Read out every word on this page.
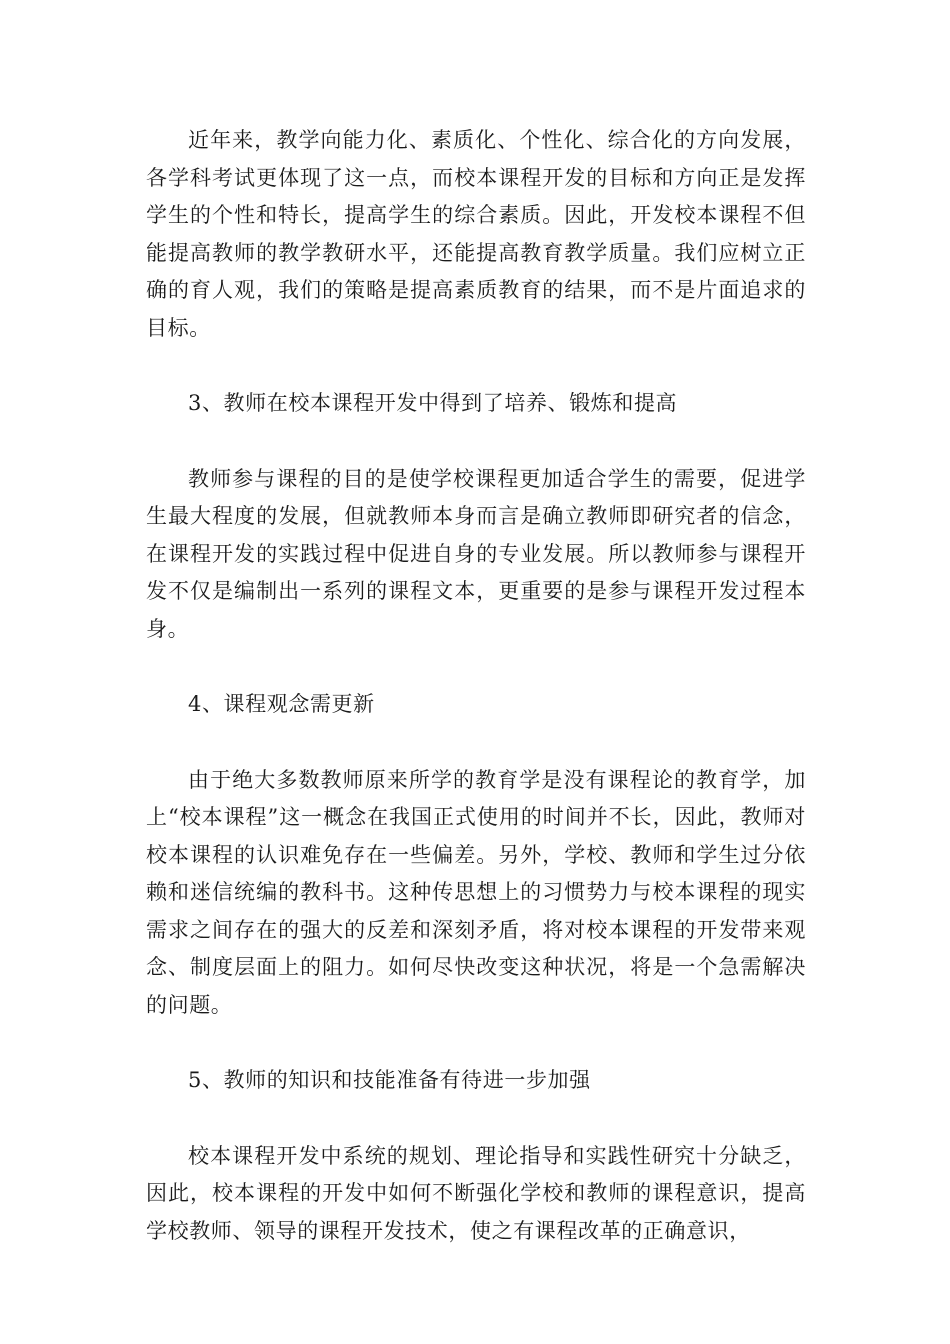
近年来，教学向能力化、素质化、个性化、综合化的方向发展，各学科考试更体现了这一点，而校本课程开发的目标和方向正是发挥学生的个性和特长，提高学生的综合素质。因此，开发校本课程不但能提高教师的教学教研水平，还能提高教育教学质量。我们应树立正确的育人观，我们的策略是提高素质教育的结果，而不是片面追求的目标。

3、教师在校本课程开发中得到了培养、锻炼和提高

教师参与课程的目的是使学校课程更加适合学生的需要，促进学生最大程度的发展，但就教师本身而言是确立教师即研究者的信念，在课程开发的实践过程中促进自身的专业发展。所以教师参与课程开发不仅是编制出一系列的课程文本，更重要的是参与课程开发过程本身。

4、课程观念需更新

由于绝大多数教师原来所学的教育学是没有课程论的教育学，加上“校本课程”这一概念在我国正式使用的时间并不长，因此，教师对校本课程的认识难免存在一些偏差。另外，学校、教师和学生过分依赖和迷信统编的教科书。这种传思想上的习惯势力与校本课程的现实需求之间存在的强大的反差和深刻矛盾，将对校本课程的开发带来观念、制度层面上的阻力。如何尽快改变这种状况，将是一个急需解决的问题。

5、教师的知识和技能准备有待进一步加强

校本课程开发中系统的规划、理论指导和实践性研究十分缺乏，因此，校本课程的开发中如何不断强化学校和教师的课程意识，提高学校教师、领导的课程开发技术，使之有课程改革的正确意识，
